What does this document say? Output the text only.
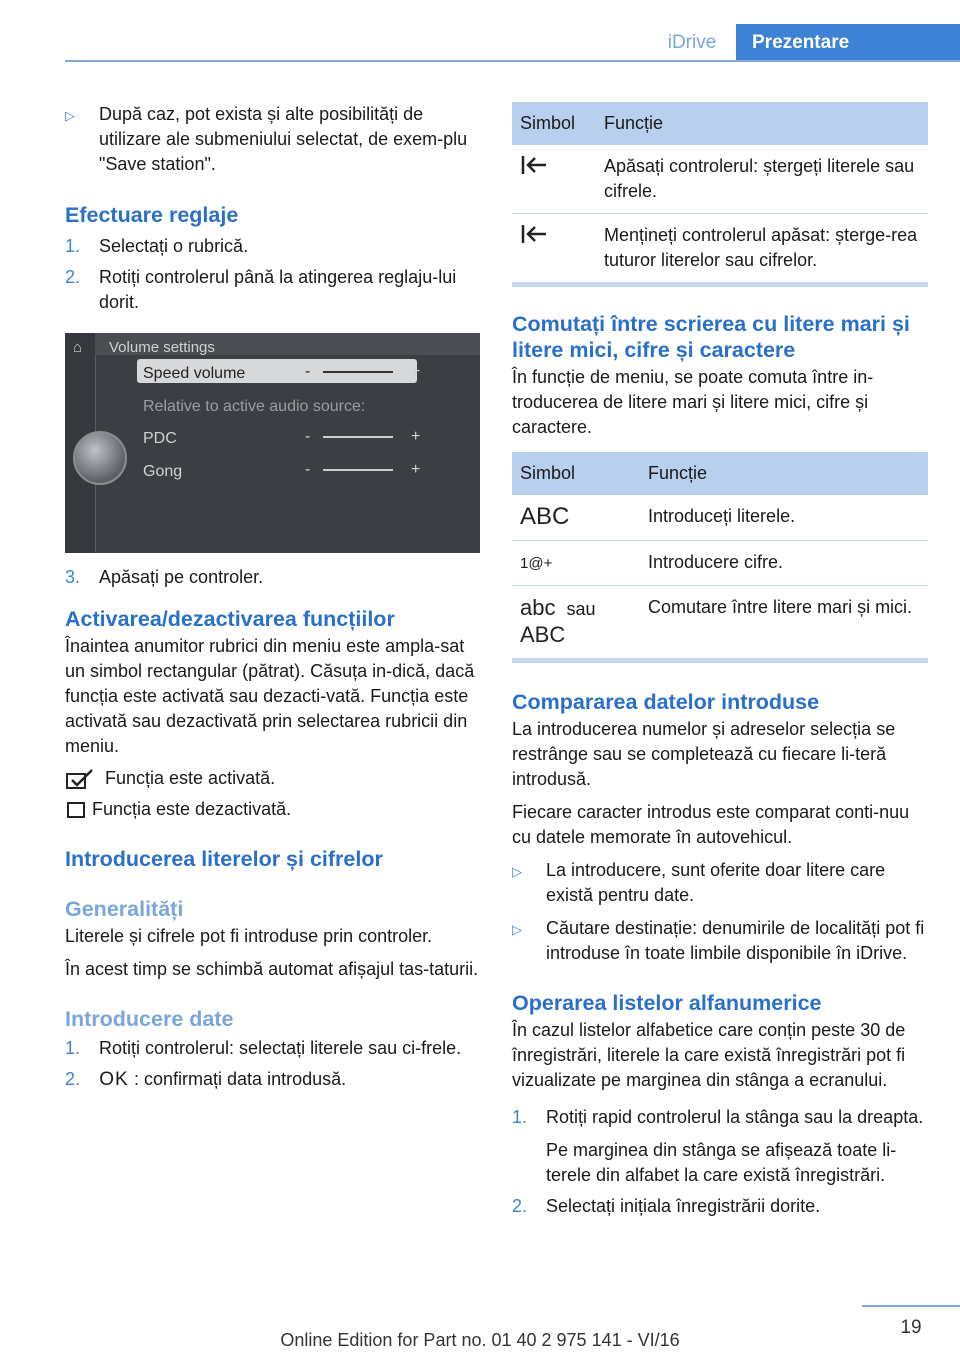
iDrive	Prezentare
▷	După caz, pot exista și alte posibilități de utilizare ale submeniului selectat, de exem‐plu "Save station".
Efectuare reglaje
1.	Selectați o rubrică.
2.	Rotiți controlerul până la atingerea reglaju‐lui dorit.
⌂ Volume settings
Speed volume	-	+
Relative to active audio source:
PDC	-	+
Gong	-	+
3.	Apăsați pe controler.
Activarea/dezactivarea funcțiilor

Înaintea anumitor rubrici din meniu este ampla‐sat un simbol rectangular (pătrat). Căsuța in‐dică, dacă funcția este activată sau dezacti‐vată. Funcția este activată sau dezactivată prin selectarea rubricii din meniu.

Funcția este activată.
Funcția este dezactivată.
Introducerea literelor și cifrelor
Generalități

Literele și cifrele pot fi introduse prin controler.

În acest timp se schimbă automat afișajul tas‐taturii.

Introducere date
1.	Rotiți controlerul: selectați literele sau ci‐frele.
2.	OK : confirmați data introdusă.
Simbol	Funcție
	Apăsați controlerul: ștergeți literele sau cifrele.
	Mențineți controlerul apăsat: șterge‐rea tuturor literelor sau cifrelor.
Comutați între scrierea cu litere mari și litere mici, cifre și caractere

În funcție de meniu, se poate comuta între in‐troducerea de litere mari și litere mici, cifre și caractere.

Simbol	Funcție
ABC	Introduceți literele.
1@+	Introducere cifre.
abc sau
ABC	Comutare între litere mari și mici.
Compararea datelor introduse

La introducerea numelor și adreselor selecția se restrânge sau se completează cu fiecare li‐teră introdusă.

Fiecare caracter introdus este comparat conti‐nuu cu datele memorate în autovehicul.

▷	La introducere, sunt oferite doar litere care există pentru date.
▷	Căutare destinație: denumirile de localități pot fi introduse în toate limbile disponibile în iDrive.
Operarea listelor alfanumerice

În cazul listelor alfabetice care conțin peste 30 de înregistrări, literele la care există înregistrări pot fi vizualizate pe marginea din stânga a ecranului.

1.	Rotiți rapid controlerul la stânga sau la dreapta.

Pe marginea din stânga se afișează toate li‐terele din alfabet la care există înregistrări.

2.	Selectați inițiala înregistrării dorite.
19
Online Edition for Part no. 01 40 2 975 141 - VI/16
